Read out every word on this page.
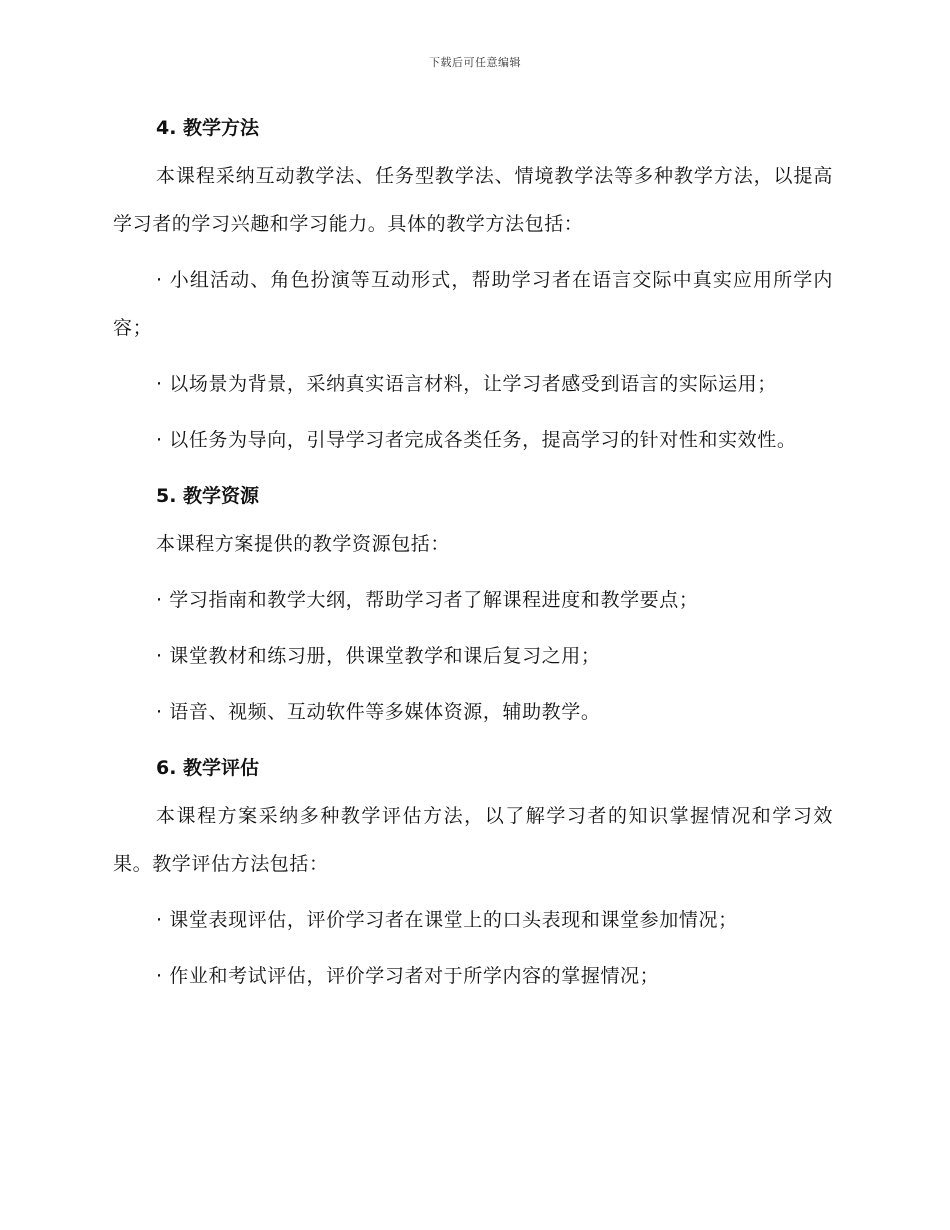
下载后可任意编辑
4. 教学方法

本课程采纳互动教学法、任务型教学法、情境教学法等多种教学方法，以提高学习者的学习兴趣和学习能力。具体的教学方法包括：

· 小组活动、角色扮演等互动形式，帮助学习者在语言交际中真实应用所学内容；

· 以场景为背景，采纳真实语言材料，让学习者感受到语言的实际运用；

· 以任务为导向，引导学习者完成各类任务，提高学习的针对性和实效性。

5. 教学资源

本课程方案提供的教学资源包括：

· 学习指南和教学大纲，帮助学习者了解课程进度和教学要点；

· 课堂教材和练习册，供课堂教学和课后复习之用；

· 语音、视频、互动软件等多媒体资源，辅助教学。

6. 教学评估

本课程方案采纳多种教学评估方法，以了解学习者的知识掌握情况和学习效果。教学评估方法包括：

· 课堂表现评估，评价学习者在课堂上的口头表现和课堂参加情况；

· 作业和考试评估，评价学习者对于所学内容的掌握情况；
